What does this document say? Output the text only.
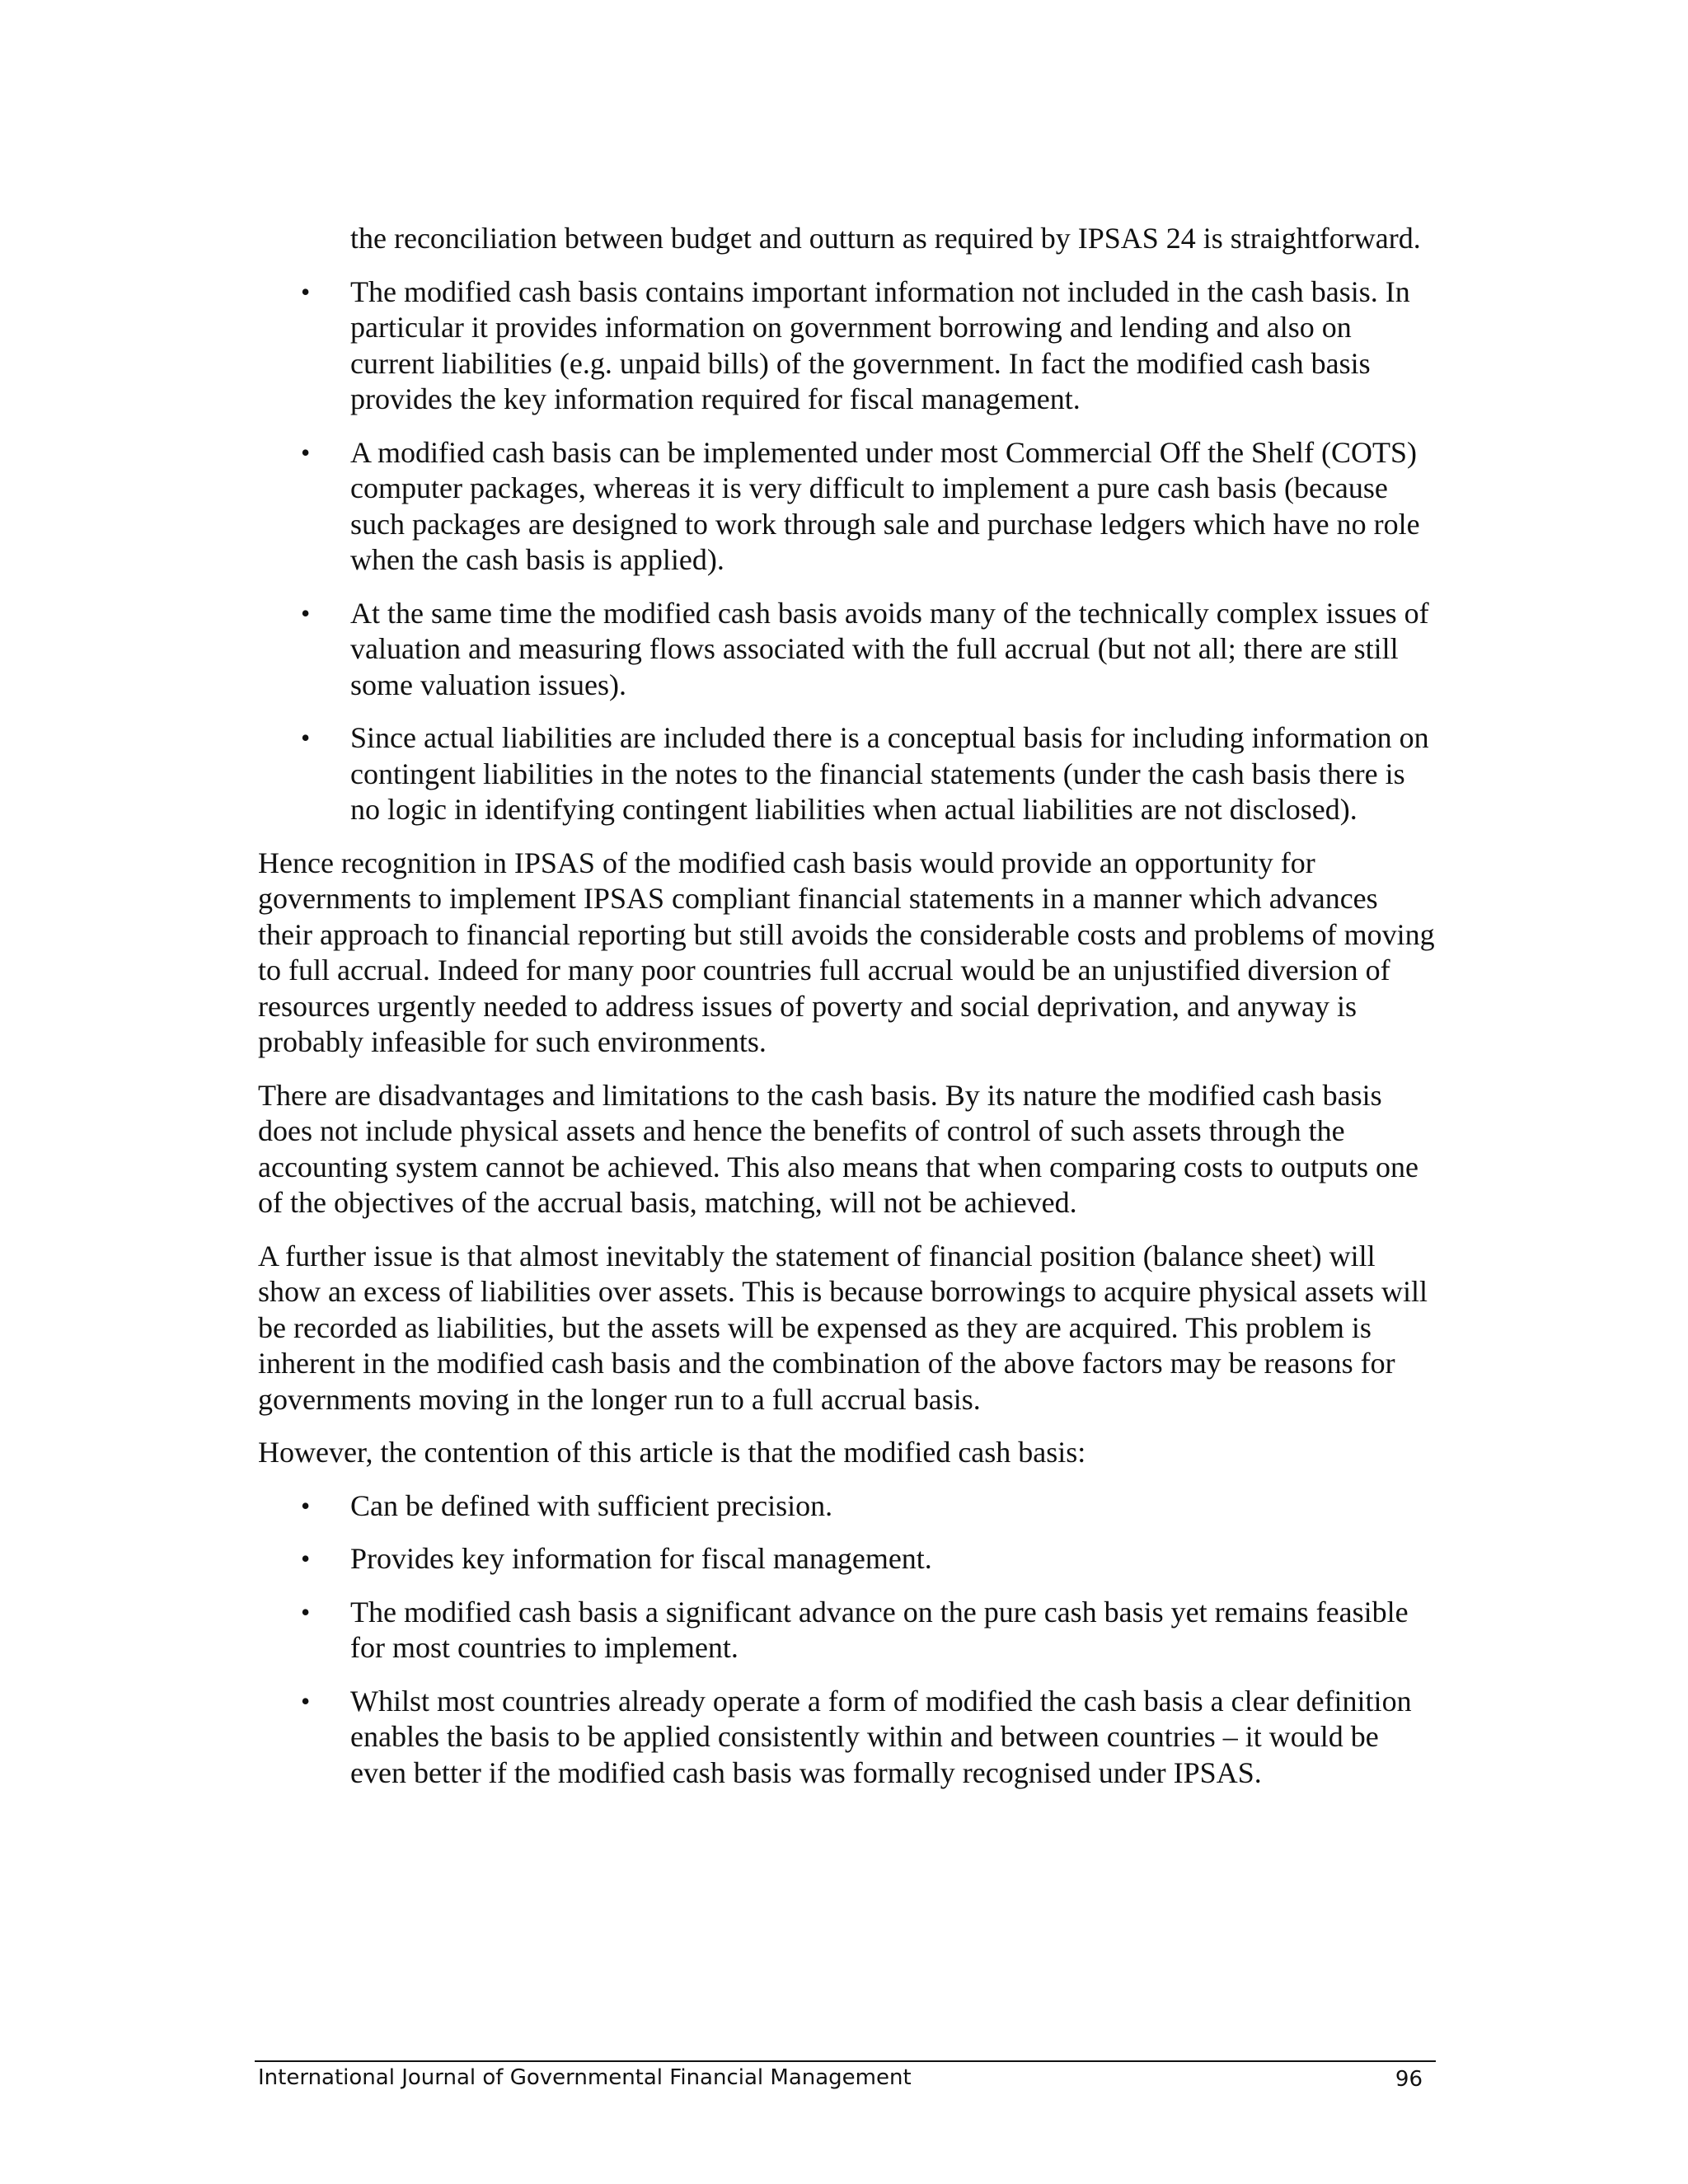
the reconciliation between budget and outturn as required by IPSAS 24 is straightforward.

• The modified cash basis contains important information not included in the cash basis. In particular it provides information on government borrowing and lending and also on current liabilities (e.g. unpaid bills) of the government. In fact the modified cash basis provides the key information required for fiscal management.
• A modified cash basis can be implemented under most Commercial Off the Shelf (COTS) computer packages, whereas it is very difficult to implement a pure cash basis (because such packages are designed to work through sale and purchase ledgers which have no role when the cash basis is applied).
• At the same time the modified cash basis avoids many of the technically complex issues of valuation and measuring flows associated with the full accrual (but not all; there are still some valuation issues).
• Since actual liabilities are included there is a conceptual basis for including information on contingent liabilities in the notes to the financial statements (under the cash basis there is no logic in identifying contingent liabilities when actual liabilities are not disclosed).

Hence recognition in IPSAS of the modified cash basis would provide an opportunity for governments to implement IPSAS compliant financial statements in a manner which advances their approach to financial reporting but still avoids the considerable costs and problems of moving to full accrual. Indeed for many poor countries full accrual would be an unjustified diversion of resources urgently needed to address issues of poverty and social deprivation, and anyway is probably infeasible for such environments.

There are disadvantages and limitations to the cash basis. By its nature the modified cash basis does not include physical assets and hence the benefits of control of such assets through the accounting system cannot be achieved. This also means that when comparing costs to outputs one of the objectives of the accrual basis, matching, will not be achieved.

A further issue is that almost inevitably the statement of financial position (balance sheet) will show an excess of liabilities over assets. This is because borrowings to acquire physical assets will be recorded as liabilities, but the assets will be expensed as they are acquired. This problem is inherent in the modified cash basis and the combination of the above factors may be reasons for governments moving in the longer run to a full accrual basis.

However, the contention of this article is that the modified cash basis:

• Can be defined with sufficient precision.
• Provides key information for fiscal management.
• The modified cash basis a significant advance on the pure cash basis yet remains feasible for most countries to implement.
• Whilst most countries already operate a form of modified the cash basis a clear definition enables the basis to be applied consistently within and between countries – it would be even better if the modified cash basis was formally recognised under IPSAS.
International Journal of Governmental Financial Management	96
